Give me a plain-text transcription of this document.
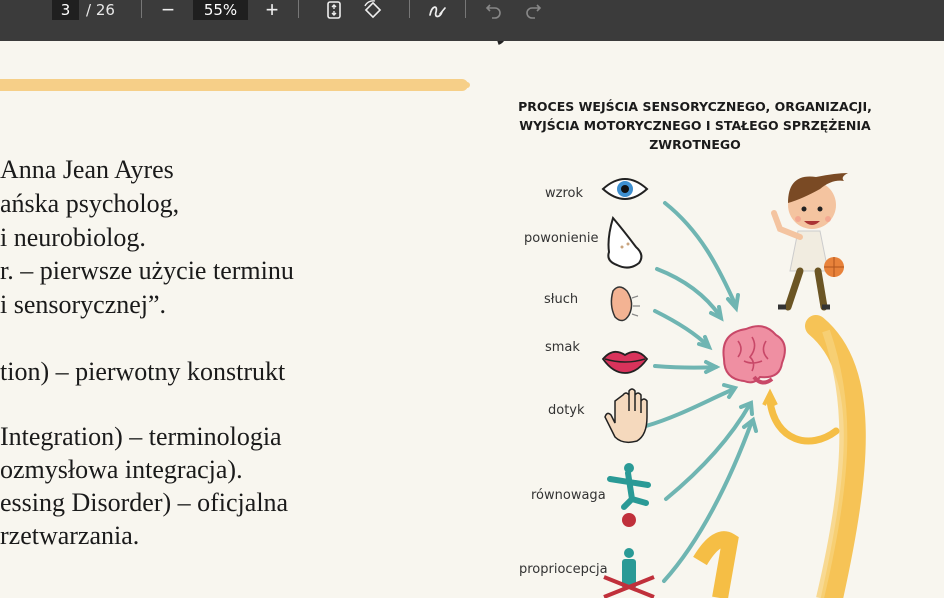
3	/ 26 −	55%	+
Anna Jean Ayres
ańska psycholog,
i neurobiolog.
r. – pierwsze użycie terminu
i sensorycznej”.
tion) – pierwotny konstrukt
Integration) – terminologia
ozmysłowa integracja).
essing Disorder) – oficjalna
rzetwarzania.
PROCES WEJŚCIA SENSORYCZNEGO, ORGANIZACJI,
WYJŚCIA MOTORYCZNEGO I STAŁEGO SPRZĘŻENIA
ZWROTNEGO
wzrok
powonienie
słuch
smak
dotyk
równowaga
propriocepcja
